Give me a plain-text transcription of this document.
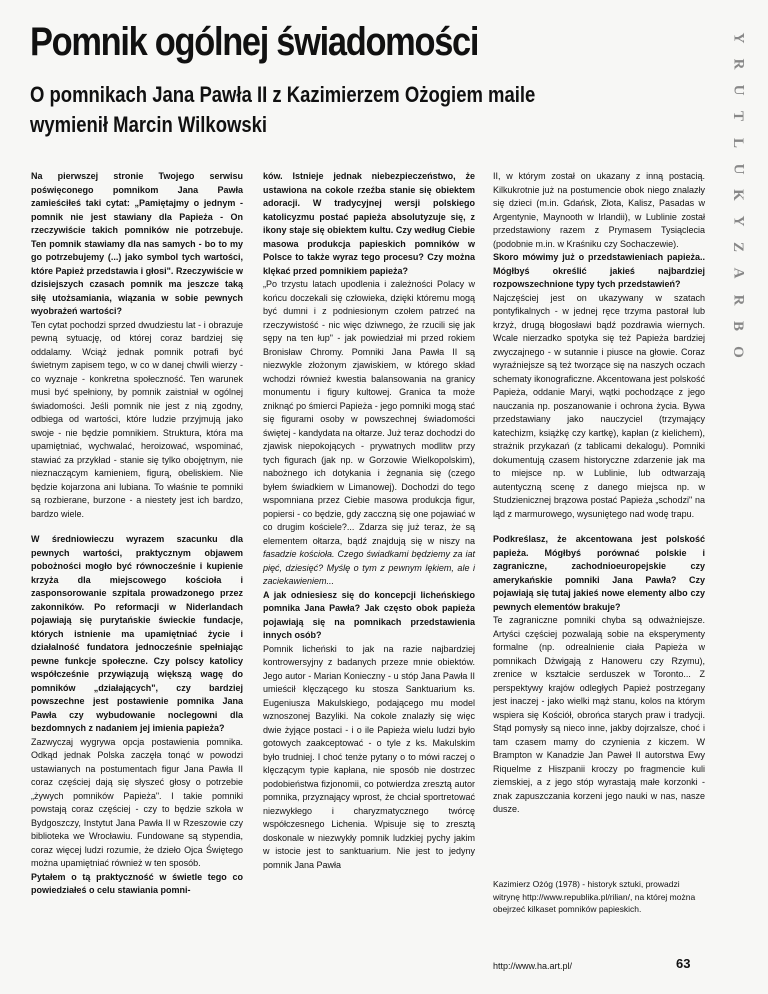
Pomnik ogólnej świadomości
O pomnikach Jana Pawła II z Kazimierzem Ożogiem maile wymienił Marcin Wilkowski
Y
R
U
T
L
U
K
Y
Z
A
R
B
O

Na pierwszej stronie Twojego serwisu poświęconego pomnikom Jana Pawła zamieściłeś taki cytat: „Pamiętajmy o jednym - pomnik nie jest stawiany dla Papieża - On rzeczywiście takich pomników nie potrzebuje. Ten pomnik stawiamy dla nas samych - bo to my go potrzebujemy (...) jako symbol tych wartości, które Papież przedstawia i głosi". Rzeczywiście w dzisiejszych czasach pomnik ma jeszcze taką siłę utożsamiania, wiązania w sobie pewnych wyobrażeń wartości?

Ten cytat pochodzi sprzed dwudziestu lat - i obrazuje pewną sytuację, od której coraz bardziej się oddalamy. Wciąż jednak pomnik potrafi być świetnym zapisem tego, w co w danej chwili wierzy - co wyznaje - konkretna społeczność. Ten warunek musi być spełniony, by pomnik zaistniał w ogólnej świadomości. Jeśli pomnik nie jest z nią zgodny, odbiega od wartości, które ludzie przyjmują jako swoje - nie będzie pomnikiem. Struktura, która ma upamiętniać, wychwalać, heroizować, wspominać, stawiać za przykład - stanie się tylko obojętnym, nie nieznaczącym kamieniem, figurą, obeliskiem. Nie będzie kojarzona ani lubiana. To właśnie te pomniki są rozbierane, burzone - a niestety jest ich bardzo, bardzo wiele.

W średniowieczu wyrazem szacunku dla pewnych wartości, praktycznym objawem pobożności mogło być równocześnie i kupienie krzyża dla miejscowego kościoła i zasponsorowanie szpitala prowadzonego przez zakonników. Po reformacji w Niderlandach pojawiają się purytańskie świeckie fundacje, których istnienie ma upamiętniać życie i działalność fundatora jednocześnie spełniając pewne funkcje społeczne. Czy polscy katolicy współcześnie przywiązują większą wagę do pomników „działających", czy bardziej powszechne jest postawienie pomnika Jana Pawła czy wybudowanie noclegowni dla bezdomnych z nadaniem jej imienia papieża?

Zazwyczaj wygrywa opcja postawienia pomnika. Odkąd jednak Polska zaczęła tonąć w powodzi ustawianych na postumentach figur Jana Pawła II coraz częściej dają się słyszeć głosy o potrzebie „żywych pomników Papieża". I takie pomniki powstają coraz częściej - czy to będzie szkoła w Bydgoszczy, Instytut Jana Pawła II w Rzeszowie czy biblioteka we Wrocławiu. Fundowane są stypendia, coraz więcej ludzi rozumie, że dzieło Ojca Świętego można upamiętniać również w ten sposób.

Pytałem o tą praktyczność w świetle tego co powiedziałeś o celu stawiania pomni-

ków. Istnieje jednak niebezpieczeństwo, że ustawiona na cokole rzeźba stanie się obiektem adoracji. W tradycyjnej wersji polskiego katolicyzmu postać papieża absolutyzuje się, z ikony staje się obiektem kultu. Czy według Ciebie masowa produkcja papieskich pomników w Polsce to także wyraz tego procesu? Czy można klękać przed pomnikiem papieża?

„Po trzystu latach upodlenia i zależności Polacy w końcu doczekali się człowieka, dzięki któremu mogą być dumni i z podniesionym czołem patrzeć na rzeczywistość - nic więc dziwnego, że rzucili się jak sępy na ten łup" - jak powiedział mi przed rokiem Bronisław Chromy. Pomniki Jana Pawła II są niezwykle złożonym zjawiskiem, w którego skład wchodzi również kwestia balansowania na granicy monumentu i figury kultowej. Granica ta może zniknąć po śmierci Papieża - jego pomniki mogą stać się figurami osoby w powszechnej świadomości świętej - kandydata na ołtarze. Już teraz dochodzi do zjawisk niepokojących - prywatnych modlitw przy tych figurach (jak np. w Gorzowie Wielkopolskim), nabożnego ich dotykania i żegnania się (czego byłem świadkiem w Limanowej). Dochodzi do tego wspomniana przez Ciebie masowa produkcja figur, popiersi - co będzie, gdy zacczną się one pojawiać w co drugim kościele?... Zdarza się już teraz, że są elementem ołtarza, bądź znajdują się w niszy na fasadzie kościoła. Czego świadkami będziemy za iat pięć, dziesięć? Myślę o tym z pewnym lękiem, ale i zaciekawieniem...

A jak odniesiesz się do koncepcji licheńskiego pomnika Jana Pawła? Jak często obok papieża pojawiają się na pomnikach przedstawienia innych osób?

Pomnik licheński to jak na razie najbardziej kontrowersyjny z badanych przeze mnie obiektów. Jego autor - Marian Konieczny - u stóp Jana Pawła II umieścił klęczącego ku stosza Sanktuarium ks. Eugeniusza Makulskiego, podającego mu model wznoszonej Bazyliki. Na cokole znalazły się więc dwie żyjące postaci - i o ile Papieża wielu ludzi było gotowych zaakceptować - o tyle z ks. Makulskim było trudniej. I choć tenże pytany o to mówi raczej o klęczącym typie kapłana, nie sposób nie dostrzec podobieństwa fizjonomii, co potwierdza zresztą autor pomnika, przyznający wprost, że chciał sportretować niezwykłego i charyzmatycznego twórcę współczesnego Lichenia. Wpisuje się to zresztą doskonale w niezwykły pomnik ludzkiej pychy jakim w istocie jest to sanktuarium. Nie jest to jedyny pomnik Jana Pawła

II, w którym został on ukazany z inną postacią. Kilkukrotnie już na postumencie obok niego znalazły się dzieci (m.in. Gdańsk, Złota, Kalisz, Pasadas w Argentynie, Maynooth w Irlandii), w Lublinie został przedstawiony razem z Prymasem Tysiąclecia (podobnie m.in. w Kraśniku czy Sochaczewie).

Skoro mówimy już o przedstawieniach papieża.. Mógłbyś określić jakieś najbardziej rozpowszechnione typy tych przedstawień?

Najczęściej jest on ukazywany w szatach pontyfikalnych - w jednej ręce trzyma pastorał lub krzyż, drugą błogosławi bądź pozdrawia wiernych. Wcale nierzadko spotyka się też Papieża bardziej zwyczajnego - w sutannie i piusce na głowie. Coraz wyraźniejsze są też tworzące się na naszych oczach schematy ikonograficzne. Akcentowana jest polskość Papieża, oddanie Maryi, wątki pochodzące z jego nauczania np. poszanowanie i ochrona życia. Bywa przedstawiany jako nauczyciel (trzymający katechizm, książkę czy kartkę), kapłan (z kielichem), strażnik przykazań (z tablicami dekalogu). Pomniki dokumentują czasem historyczne zdarzenie jak ma to miejsce np. w Lublinie, lub odtwarzają autentyczną scenę z danego miejsca np. w Studzienicznej brązowa postać Papieża „schodzi" na ląd z marmurowego, wysuniętego nad wodę trapu.

Podkreślasz, że akcentowana jest polskość papieża. Mógłbyś porównać polskie i zagraniczne, zachodnioeuropejskie czy amerykańskie pomniki Jana Pawła? Czy pojawiają się tutaj jakieś nowe elementy albo czy pewnych elementów brakuje?

Te zagraniczne pomniki chyba są odważniejsze. Artyści częściej pozwalają sobie na eksperymenty formalne (np. odrealnienie ciała Papieża w pomnikach Dżwigają z Hanoweru czy Rzymu), zrenice w kształcie serduszek w Toronto... Z perspektywy krajów odległych Papież postrzegany jest inaczej - jako wielki mąż stanu, kolos na którym wspiera się Kościół, obrońca starych praw i tradycji. Stąd pomysły są nieco inne, jakby dojrzalsze, choć i tam czasem mamy do czynienia z kiczem. W Brampton w Kanadzie Jan Paweł II autorstwa Ewy Riquelme z Hiszpanii kroczy po fragmencie kuli ziemskiej, a z jego stóp wyrastają małe korzonki - znak zapuszczania korzeni jego nauki w nas, nasze dusze.

Kazimierz Ożóg (1978) - historyk sztuki, prowadzi witrynę http://www.republika.pl/rilian/, na której można obejrzeć kilkaset pomników papieskich.

http://www.ha.art.pl/	63
